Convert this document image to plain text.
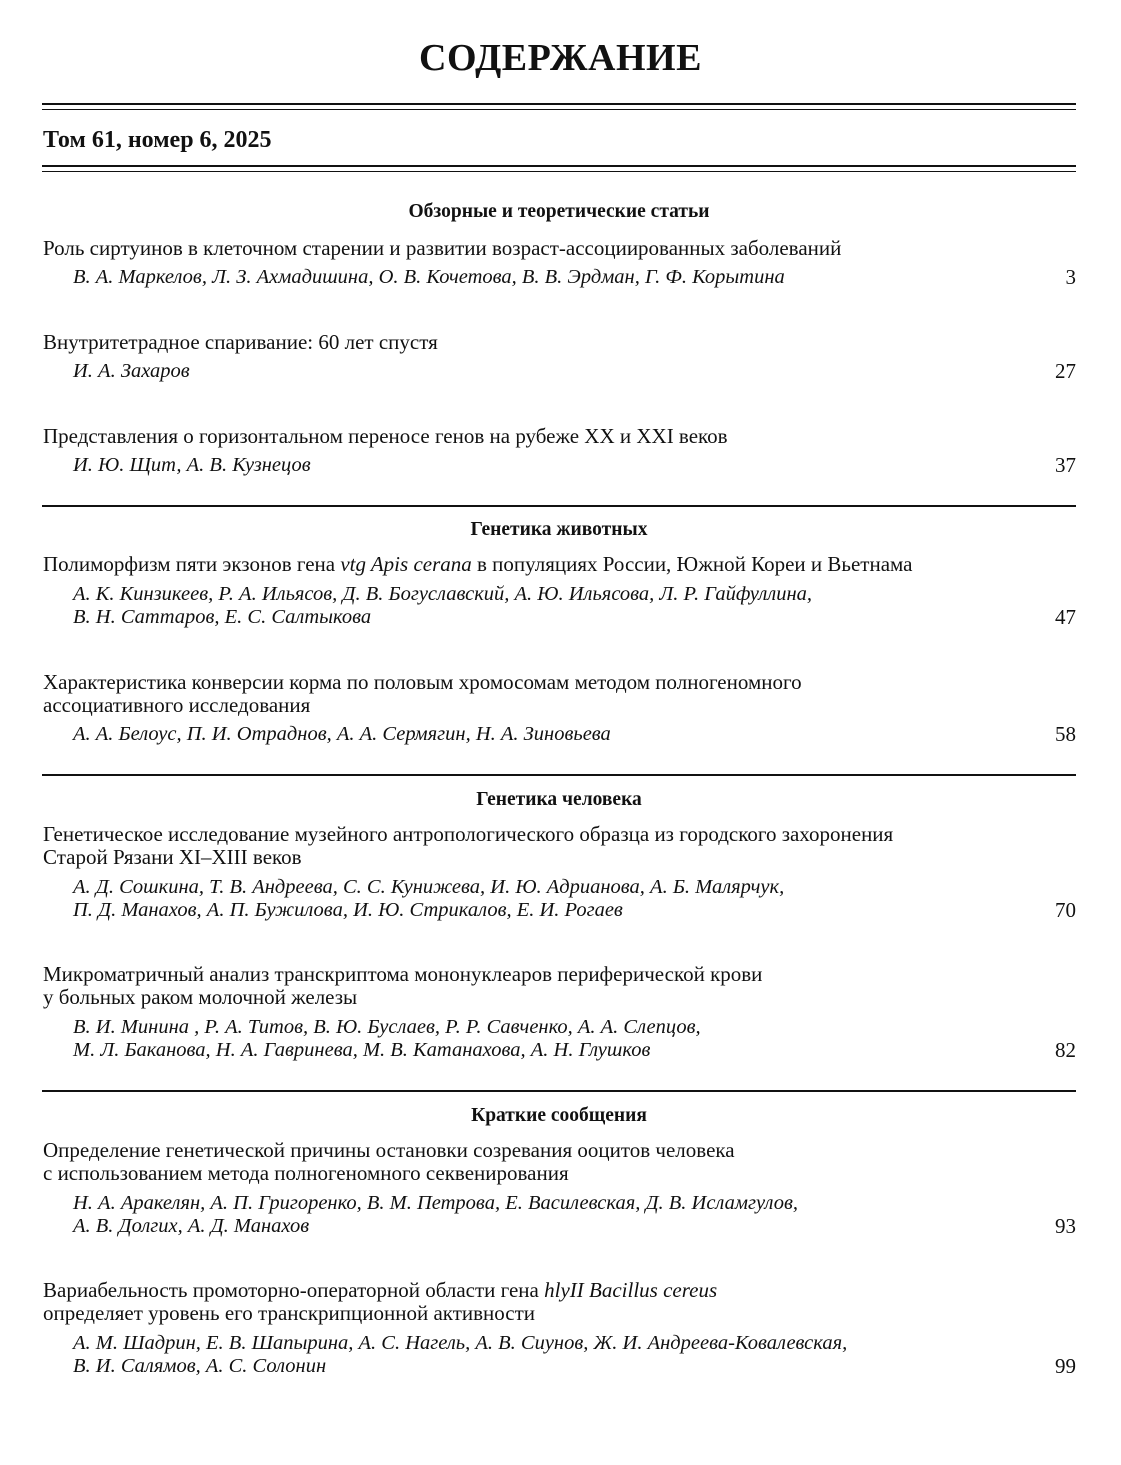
СОДЕРЖАНИЕ
Том 61, номер 6, 2025
Обзорные и теоретические статьи
Роль сиртуинов в клеточном старении и развитии возраст-ассоциированных заболеваний
В. А. Маркелов, Л. З. Ахмадишина, О. В. Кочетова, В. В. Эрдман, Г. Ф. Корытина	3
Внутритетрадное спаривание: 60 лет спустя
И. А. Захаров	27
Представления о горизонтальном переносе генов на рубеже XX и XXI веков
И. Ю. Щит, А. В. Кузнецов	37
Генетика животных
Полиморфизм пяти экзонов гена vtg Apis cerana в популяциях России, Южной Кореи и Вьетнама
А. К. Кинзикеев, Р. А. Ильясов, Д. В. Богуславский, А. Ю. Ильясова, Л. Р. Гайфуллина,
В. Н. Саттаров, Е. С. Салтыкова	47
Характеристика конверсии корма по половым хромосомам методом полногеномного
ассоциативного исследования
А. А. Белоус, П. И. Отраднов, А. А. Сермягин, Н. А. Зиновьева	58
Генетика человека
Генетическое исследование музейного антропологического образца из городского захоронения
Старой Рязани XI–XIII веков
А. Д. Сошкина, Т. В. Андреева, С. С. Кунижева, И. Ю. Адрианова, А. Б. Малярчук,
П. Д. Манахов, А. П. Бужилова, И. Ю. Стрикалов, Е. И. Рогаев	70
Микроматричный анализ транскриптома мононуклеаров периферической крови
у больных раком молочной железы
В. И. Минина , Р. А. Титов, В. Ю. Буслаев, Р. Р. Савченко, А. А. Слепцов,
М. Л. Баканова, Н. А. Гавринева, М. В. Катанахова, А. Н. Глушков	82
Краткие сообщения
Определение генетической причины остановки созревания ооцитов человека
с использованием метода полногеномного секвенирования
Н. А. Аракелян, А. П. Григоренко, В. М. Петрова, Е. Василевская, Д. В. Исламгулов,
А. В. Долгих, А. Д. Манахов	93
Вариабельность промоторно-операторной области гена hlyII Bacillus cereus
определяет уровень его транскрипционной активности
А. М. Шадрин, Е. В. Шапырина, А. С. Нагель, А. В. Сиунов, Ж. И. Андреева-Ковалевская,
В. И. Салямов, А. С. Солонин	99
